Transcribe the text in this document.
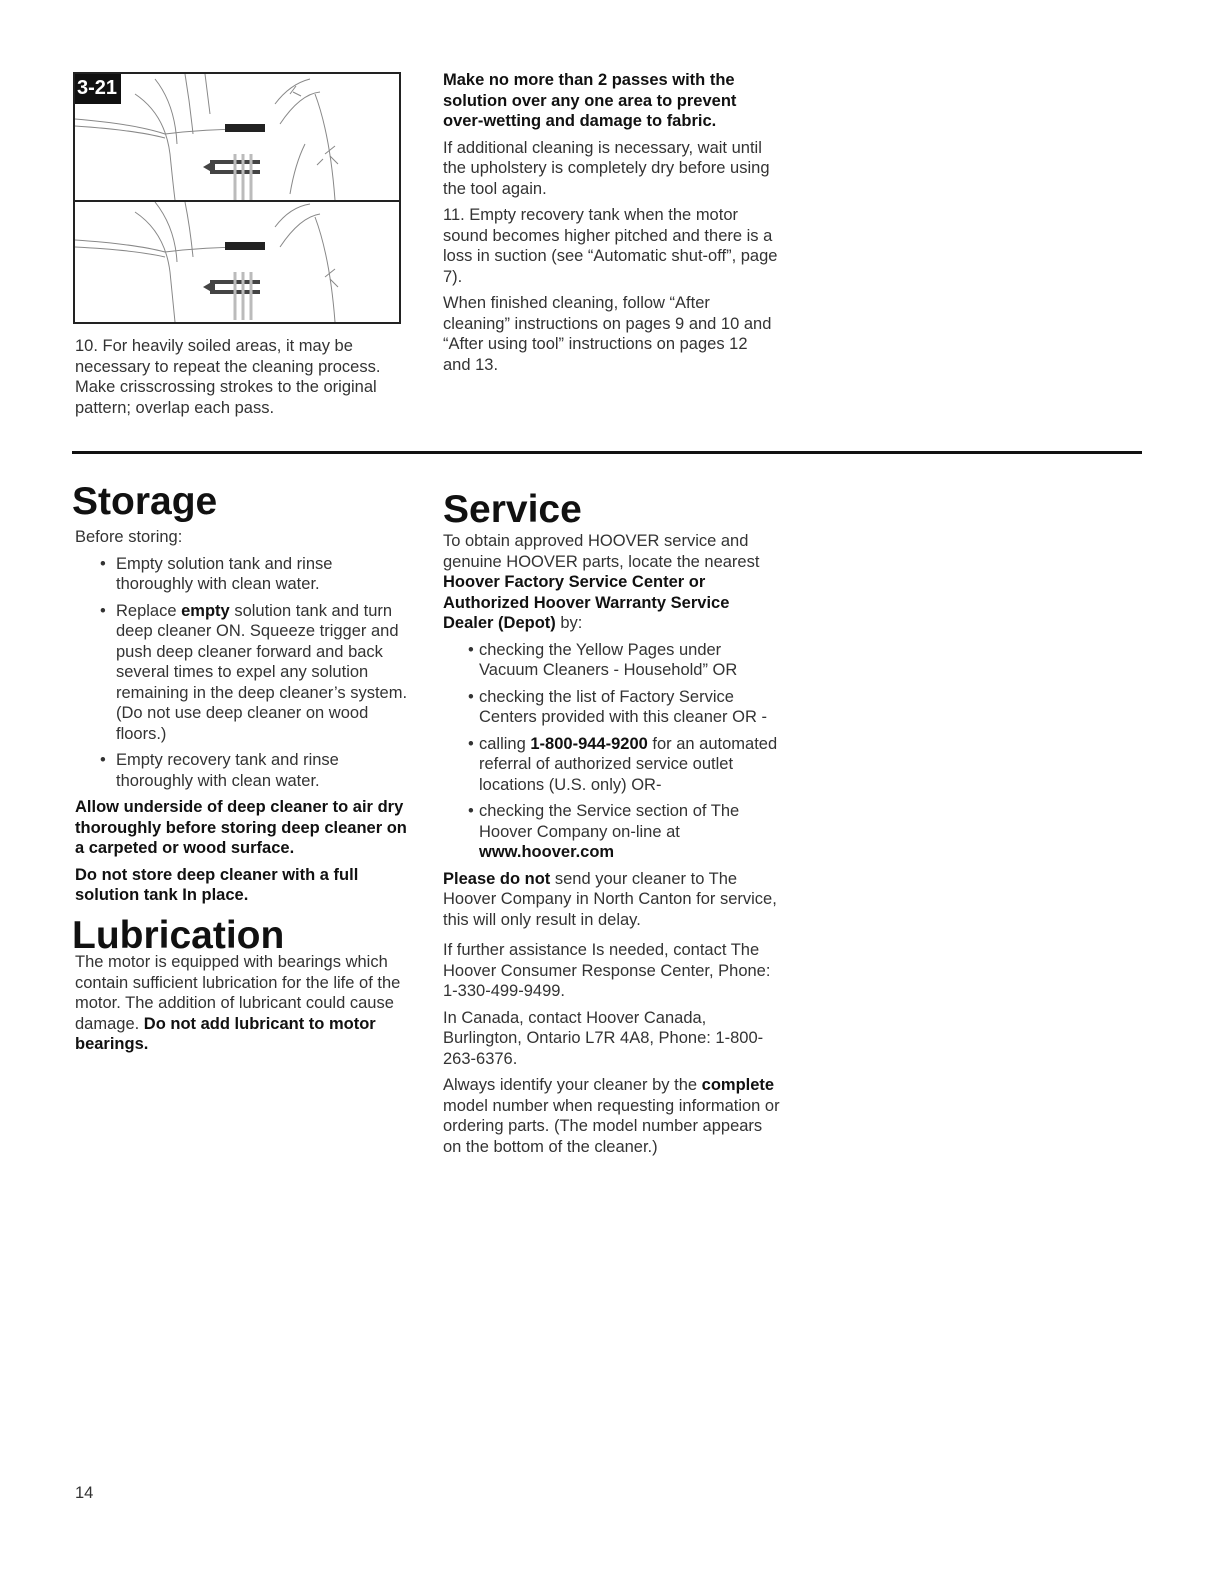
3-21

10. For heavily soiled areas, it may be necessary to repeat the cleaning process. Make crisscrossing strokes to the original pattern; overlap each pass.

Make no more than 2 passes with the solution over any one area to prevent over-wetting and damage to fabric.

If additional cleaning is necessary, wait until the upholstery is completely dry before using the tool again.

11. Empty recovery tank when the motor sound becomes higher pitched and there is a loss in suction (see “Automatic shut-off”, page 7).

When finished cleaning, follow “After cleaning” instructions on pages 9 and 10 and “After using tool” instructions on pages 12 and 13.

Storage

Before storing:

• Empty solution tank and rinse thoroughly with clean water.
• Replace empty solution tank and turn deep cleaner ON. Squeeze trigger and push deep cleaner forward and back several times to expel any solution remaining in the deep cleaner’s system. (Do not use deep cleaner on wood floors.)
• Empty recovery tank and rinse thoroughly with clean water.

Allow underside of deep cleaner to air dry thoroughly before storing deep cleaner on a carpeted or wood surface.

Do not store deep cleaner with a full solution tank In place.

Lubrication

The motor is equipped with bearings which contain sufficient lubrication for the life of the motor. The addition of lubricant could cause damage. Do not add lubricant to motor bearings.

Service

To obtain approved HOOVER service and genuine HOOVER parts, locate the nearest Hoover Factory Service Center or Authorized Hoover Warranty Service Dealer (Depot) by:

• checking the Yellow Pages under Vacuum Cleaners - Household” OR
• checking the list of Factory Service Centers provided with this cleaner OR -
• calling 1-800-944-9200 for an automated referral of authorized service outlet locations (U.S. only) OR-
• checking the Service section of The Hoover Company on-line at
www.hoover.com

Please do not send your cleaner to The Hoover Company in North Canton for service, this will only result in delay.

If further assistance Is needed, contact The Hoover Consumer Response Center, Phone: 1-330-499-9499.

In Canada, contact Hoover Canada, Burlington, Ontario L7R 4A8, Phone: 1-800-263-6376.

Always identify your cleaner by the complete model number when requesting information or ordering parts. (The model number appears on the bottom of the cleaner.)

14
